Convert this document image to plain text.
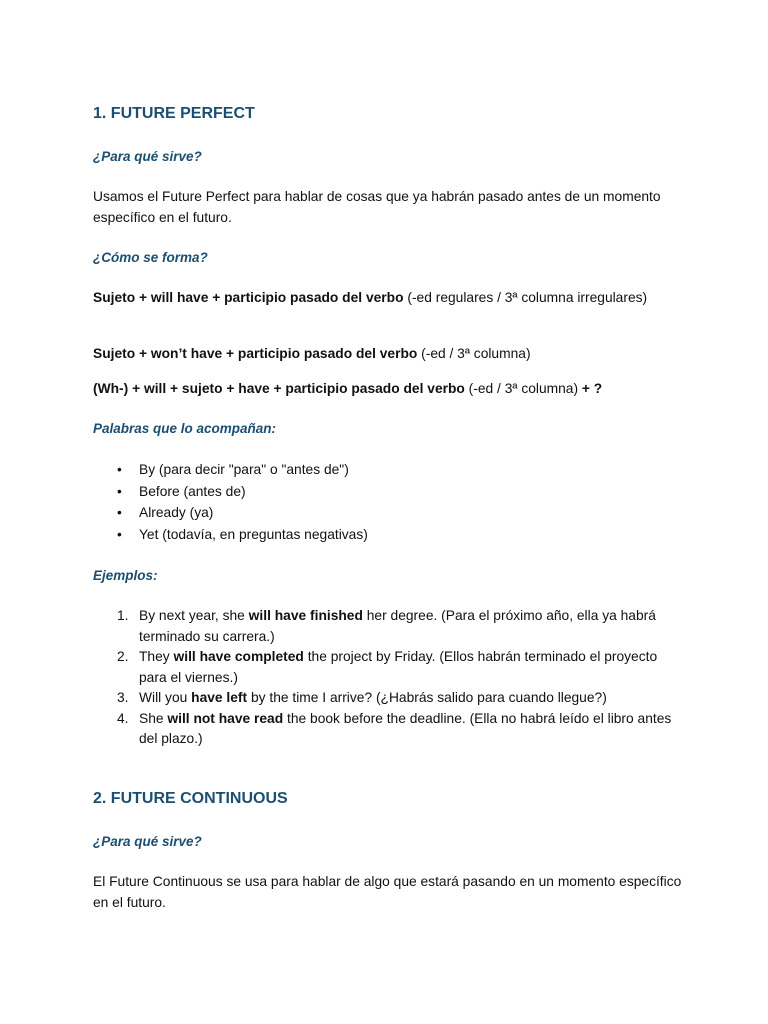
1. FUTURE PERFECT
¿Para qué sirve?

Usamos el Future Perfect para hablar de cosas que ya habrán pasado antes de un momento específico en el futuro.

¿Cómo se forma?

Sujeto + will have + participio pasado del verbo (-ed regulares / 3ª columna irregulares)

Sujeto + won’t have + participio pasado del verbo (-ed / 3ª columna)

(Wh-) + will + sujeto + have + participio pasado del verbo (-ed / 3ª columna) + ?

Palabras que lo acompañan:
• By (para decir "para" o "antes de")
• Before (antes de)
• Already (ya)
• Yet (todavía, en preguntas negativas)
Ejemplos:
1. By next year, she will have finished her degree. (Para el próximo año, ella ya habrá terminado su carrera.)
2. They will have completed the project by Friday. (Ellos habrán terminado el proyecto para el viernes.)
3. Will you have left by the time I arrive? (¿Habrás salido para cuando llegue?)
4. She will not have read the book before the deadline. (Ella no habrá leído el libro antes del plazo.)
2. FUTURE CONTINUOUS
¿Para qué sirve?

El Future Continuous se usa para hablar de algo que estará pasando en un momento específico en el futuro.
